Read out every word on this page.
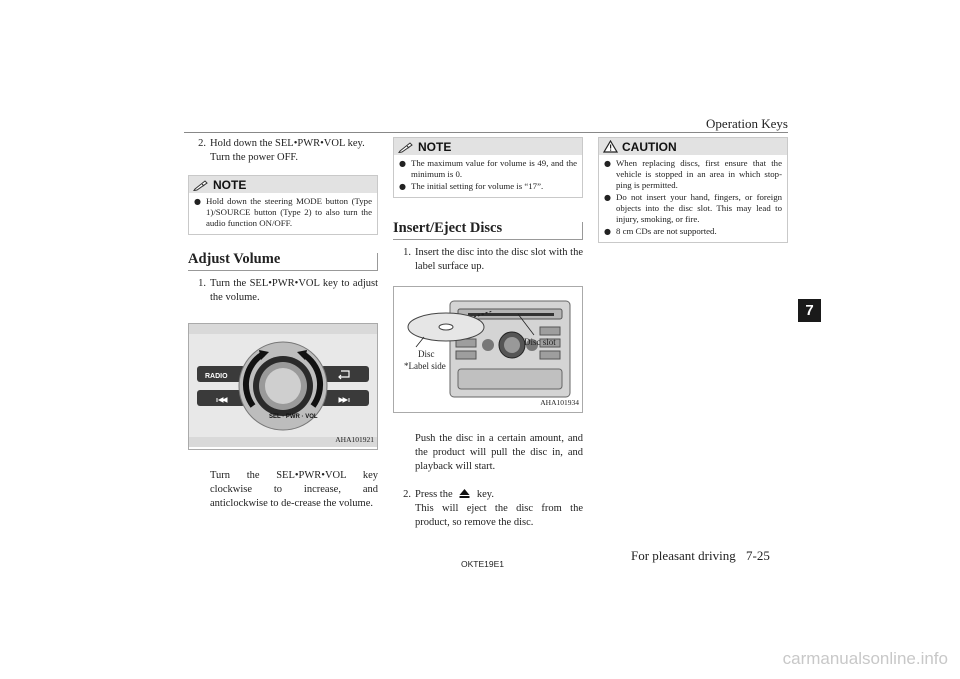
Operation Keys
7
2. Hold down the SEL•PWR•VOL key.
Turn the power OFF.
NOTE
● Hold down the steering MODE button (Type 1)/SOURCE button (Type 2) to also turn the audio function ON/OFF.
Adjust Volume
1. Turn the SEL•PWR•VOL key to adjust the volume.
RADIO
SEL · PWR · VOL
AHA101921
Turn the SEL•PWR•VOL key clockwise to increase, and anticlockwise to de-crease the volume.
NOTE
● The maximum value for volume is 49, and the minimum is 0.
● The initial setting for volume is “17”.
Insert/Eject Discs
1. Insert the disc into the disc slot with the label surface up.
Disc slot
Disc
*Label side
AHA101934
Push the disc in a certain amount, and the product will pull the disc in, and playback will start.
2. Press the key.
This will eject the disc from the product, so remove the disc.
CAUTION
● When replacing discs, first ensure that the vehicle is stopped in an area in which stop-ping is permitted.
● Do not insert your hand, fingers, or foreign objects into the disc slot. This may lead to injury, smoking, or fire.
● 8 cm CDs are not supported.
OKTE19E1
For pleasant driving 7-25
carmanualsonline.info
